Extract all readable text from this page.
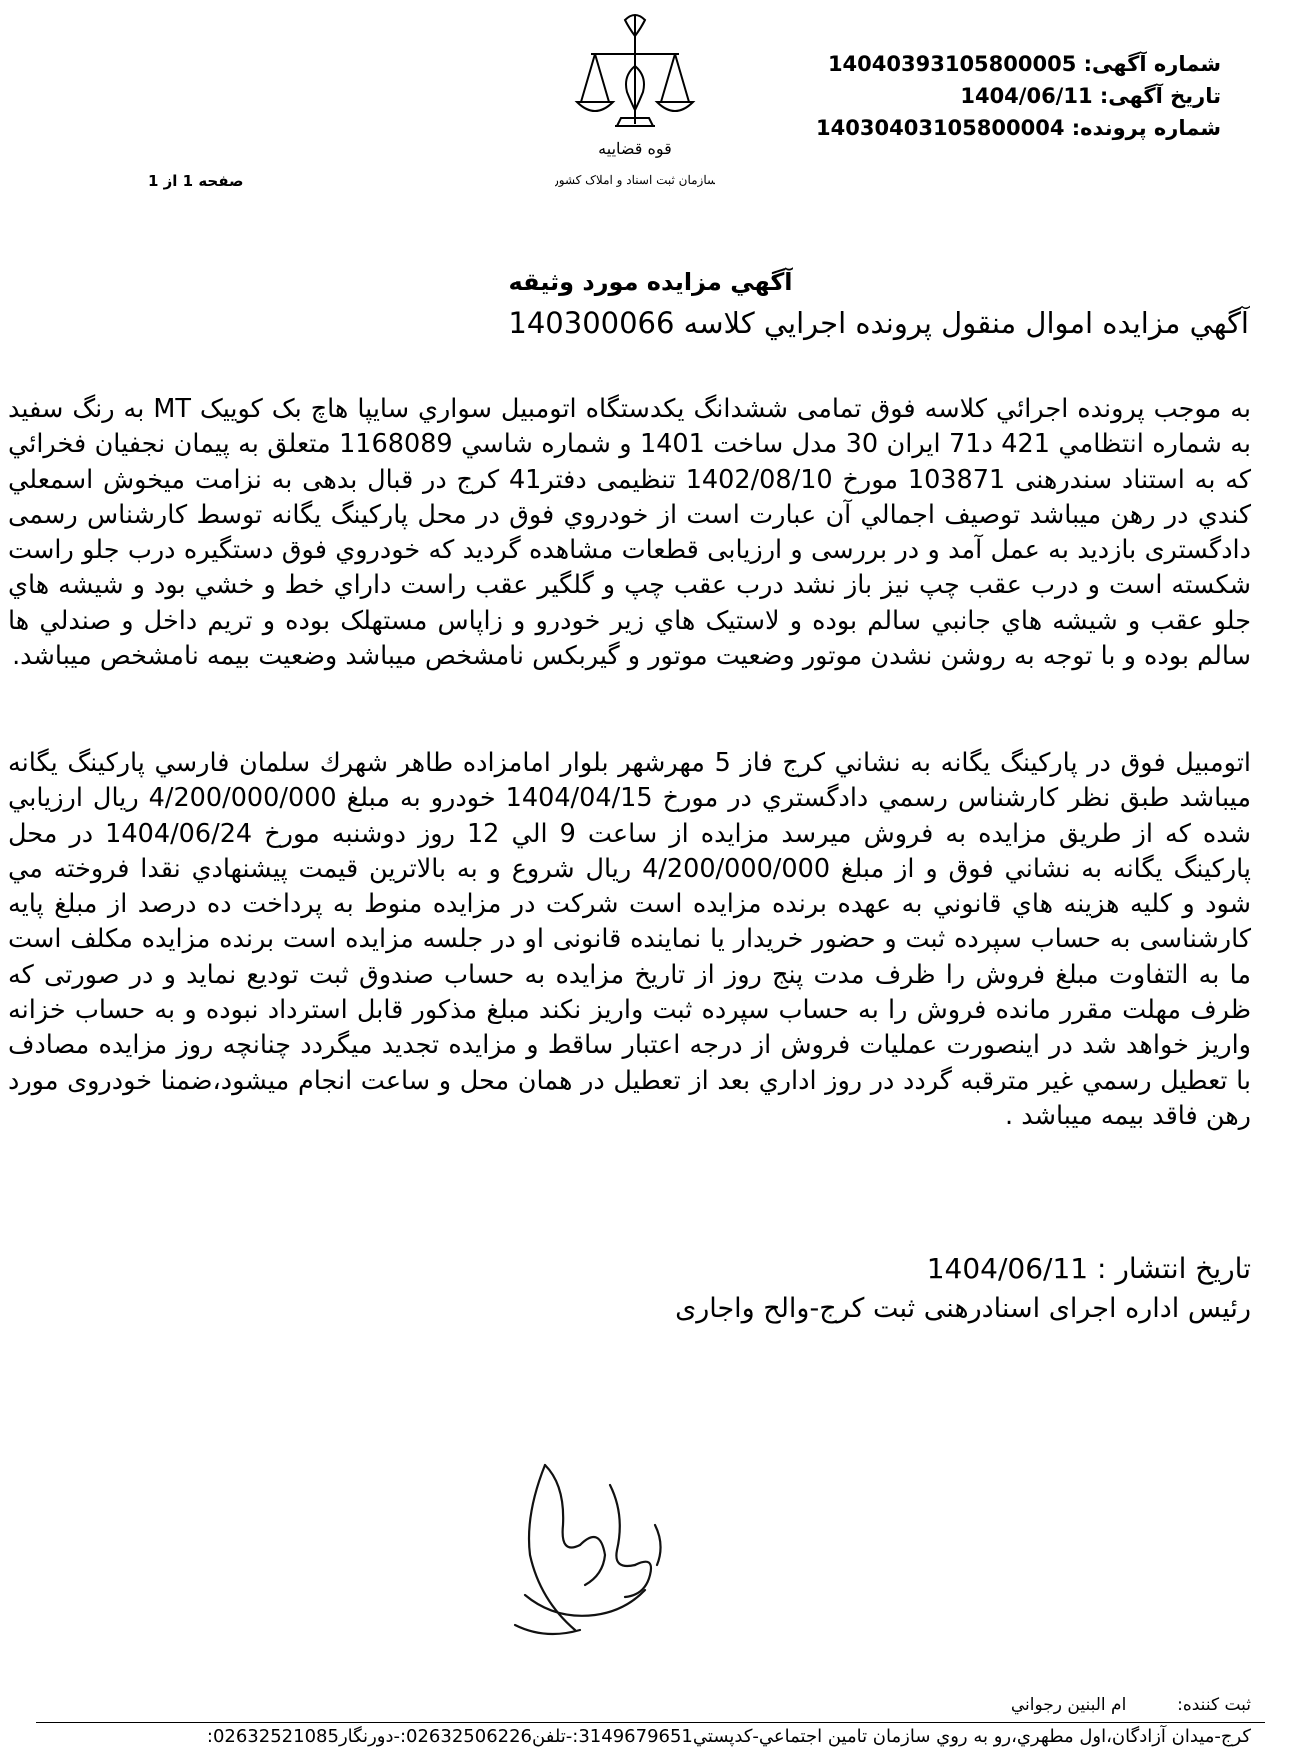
شماره آگهی: 14040393105800005
تاریخ آگهی: 1404/06/11
شماره پرونده: 14030403105800004
قوه قضاییه
سازمان ثبت اسناد و املاک کشور
صفحه 1 از 1
آگهي مزايده مورد وثيقه
آگهي مزايده اموال منقول پرونده اجرايي كلاسه 140300066
به موجب پرونده اجرائي كلاسه فوق تمامی ششدانگ يكدستگاه اتومبيل سواري سايپا هاچ بک کوییک MT به رنگ سفید به شماره انتظامي 421 د71 ایران 30 مدل ساخت 1401 و شماره شاسي 1168089 متعلق به پیمان نجفیان فخرائي كه به استناد سندرهنی 103871 مورخ 1402/08/10 تنظیمی دفتر41 کرج در قبال بدهی به نزامت ميخوش اسمعلي كندي در رهن ميباشد توصيف اجمالي آن عبارت است از خودروي فوق در محل پارکینگ یگانه توسط کارشناس رسمی دادگستری بازدید به عمل آمد و در بررسی و ارزیابی قطعات مشاهده گرديد كه خودروي فوق دستگيره درب جلو راست شكسته است و درب عقب چپ نيز باز نشد درب عقب چپ و گلگير عقب راست داراي خط و خشي بود و شيشه هاي جلو عقب و شيشه هاي جانبي سالم بوده و لاستيک هاي زير خودرو و زاپاس مستهلک بوده و تريم داخل و صندلي ها سالم بوده و با توجه به روشن نشدن موتور وضعيت موتور و گيربكس نامشخص ميباشد وضعيت بيمه نامشخص ميباشد.
اتومبيل فوق در پاركينگ يگانه به نشاني كرج فاز 5 مهرشهر بلوار امامزاده طاهر شهرك سلمان فارسي پاركينگ يگانه ميباشد طبق نظر كارشناس رسمي دادگستري در مورخ 1404/04/15 خودرو به مبلغ 4/200/000/000 ريال ارزيابي شده كه از طريق مزايده به فروش ميرسد مزايده از ساعت 9 الي 12 روز دوشنبه مورخ 1404/06/24 در محل پاركينگ يگانه به نشاني فوق و از مبلغ 4/200/000/000 ريال شروع و به بالاترين قيمت پيشنهادي نقدا فروخته مي شود و كليه هزينه هاي قانوني به عهده برنده مزايده است شرکت در مزایده منوط به پرداخت ده درصد از مبلغ پایه کارشناسی به حساب سپرده ثبت و حضور خریدار یا نماینده قانونی او در جلسه مزایده است برنده مزایده مکلف است ما به التفاوت مبلغ فروش را ظرف مدت پنج روز از تاریخ مزایده به حساب صندوق ثبت تودیع نماید و در صورتی که ظرف مهلت مقرر مانده فروش را به حساب سپرده ثبت واریز نکند مبلغ مذکور قابل استرداد نبوده و به حساب خزانه واریز خواهد شد در اینصورت عملیات فروش از درجه اعتبار ساقط و مزایده تجدید میگردد چنانچه روز مزايده مصادف با تعطيل رسمي غير مترقبه گردد در روز اداري بعد از تعطيل در همان محل و ساعت انجام ميشود،ضمنا خودروی مورد رهن فاقد بیمه میباشد .
تاريخ انتشار : 1404/06/11
رئيس اداره اجرای اسنادرهنی ثبت کرج-والح واجاری
ثبت كننده:  ام البنين رجواني
كرج-ميدان آزادگان،اول مطهري،رو به روي سازمان تامين اجتماعي-كدپستي3149679651:-تلفن02632506226:-دورنگار02632521085:
